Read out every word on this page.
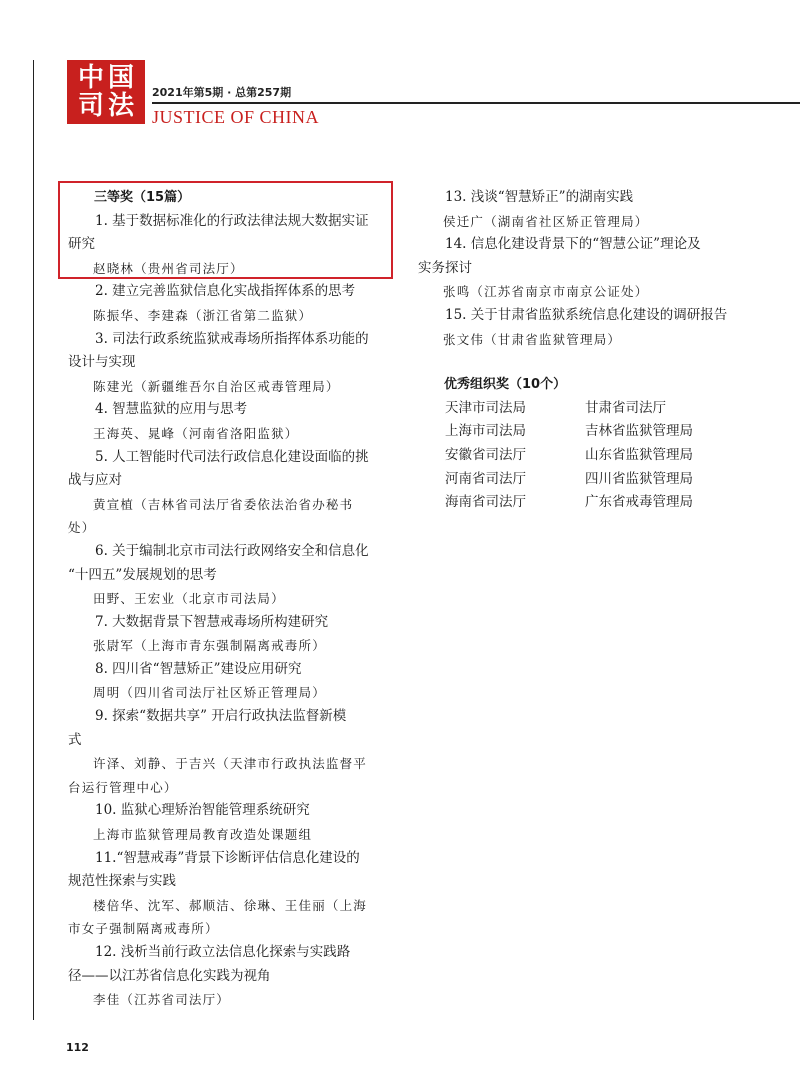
中 国
司 法 2021年第5期 · 总第257期
JUSTICE OF CHINA

三等奖（15篇）

1. 基于数据标准化的行政法律法规大数据实证

研究

赵晓林（贵州省司法厅）

2. 建立完善监狱信息化实战指挥体系的思考

陈振华、李建森（浙江省第二监狱）

3. 司法行政系统监狱戒毒场所指挥体系功能的

设计与实现

陈建光（新疆维吾尔自治区戒毒管理局）

4. 智慧监狱的应用与思考

王海英、晁峰（河南省洛阳监狱）

5. 人工智能时代司法行政信息化建设面临的挑

战与应对

黄宣植（吉林省司法厅省委依法治省办秘书

处）

6. 关于编制北京市司法行政网络安全和信息化

“十四五”发展规划的思考

田野、王宏业（北京市司法局）

7. 大数据背景下智慧戒毒场所构建研究

张尉军（上海市青东强制隔离戒毒所）

8. 四川省“智慧矫正”建设应用研究

周明（四川省司法厅社区矫正管理局）

9. 探索“数据共享” 开启行政执法监督新模

式

许泽、刘静、于吉兴（天津市行政执法监督平

台运行管理中心）

10. 监狱心理矫治智能管理系统研究

上海市监狱管理局教育改造处课题组

11.“智慧戒毒”背景下诊断评估信息化建设的

规范性探索与实践

楼倍华、沈军、郝顺洁、徐琳、王佳丽（上海

市女子强制隔离戒毒所）

12. 浅析当前行政立法信息化探索与实践路

径——以江苏省信息化实践为视角

李佳（江苏省司法厅）

13. 浅谈“智慧矫正”的湖南实践

侯迁广（湖南省社区矫正管理局）

14. 信息化建设背景下的“智慧公证”理论及

实务探讨

张鸣（江苏省南京市南京公证处）

15. 关于甘肃省监狱系统信息化建设的调研报告

张文伟（甘肃省监狱管理局）

优秀组织奖（10个）

天津市司法局	甘肃省司法厅
上海市司法局	吉林省监狱管理局
安徽省司法厅	山东省监狱管理局
河南省司法厅	四川省监狱管理局
海南省司法厅	广东省戒毒管理局
112
